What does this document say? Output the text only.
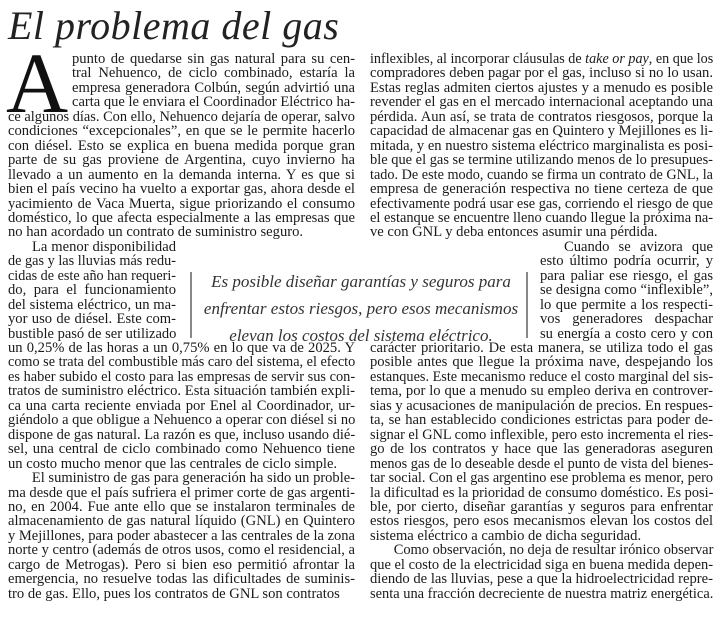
El problema del gas
A punto de quedarse sin gas natural para su cen-
tral Nehuenco, de ciclo combinado, estaría la
empresa generadora Colbún, según advirtió una
carta que le enviara el Coordinador Eléctrico ha-
ce algunos días. Con ello, Nehuenco dejaría de operar, salvo
condiciones “excepcionales”, en que se le permite hacerlo
con diésel. Esto se explica en buena medida porque gran
parte de su gas proviene de Argentina, cuyo invierno ha
llevado a un aumento en la demanda interna. Y es que si
bien el país vecino ha vuelto a exportar gas, ahora desde el
yacimiento de Vaca Muerta, sigue priorizando el consumo
doméstico, lo que afecta especialmente a las empresas que
no han acordado un contrato de suministro seguro.
La menor disponibilidad
de gas y las lluvias más redu-
cidas de este año han requeri-
do, para el funcionamiento
del sistema eléctrico, un ma-
yor uso de diésel. Este com-
bustible pasó de ser utilizado
un 0,25% de las horas a un 0,75% en lo que va de 2025. Y
como se trata del combustible más caro del sistema, el efecto
es haber subido el costo para las empresas de servir sus con-
tratos de suministro eléctrico. Esta situación también expli-
ca una carta reciente enviada por Enel al Coordinador, ur-
giéndolo a que obligue a Nehuenco a operar con diésel si no
dispone de gas natural. La razón es que, incluso usando dié-
sel, una central de ciclo combinado como Nehuenco tiene
un costo mucho menor que las centrales de ciclo simple.
El suministro de gas para generación ha sido un proble-
ma desde que el país sufriera el primer corte de gas argenti-
no, en 2004. Fue ante ello que se instalaron terminales de
almacenamiento de gas natural líquido (GNL) en Quintero
y Mejillones, para poder abastecer a las centrales de la zona
norte y centro (además de otros usos, como el residencial, a
cargo de Metrogas). Pero si bien eso permitió afrontar la
emergencia, no resuelve todas las dificultades de suminis-
tro de gas. Ello, pues los contratos de GNL son contratos
inflexibles, al incorporar cláusulas de take or pay, en que los
compradores deben pagar por el gas, incluso si no lo usan.
Estas reglas admiten ciertos ajustes y a menudo es posible
revender el gas en el mercado internacional aceptando una
pérdida. Aun así, se trata de contratos riesgosos, porque la
capacidad de almacenar gas en Quintero y Mejillones es li-
mitada, y en nuestro sistema eléctrico marginalista es posi-
ble que el gas se termine utilizando menos de lo presupues-
tado. De este modo, cuando se firma un contrato de GNL, la
empresa de generación respectiva no tiene certeza de que
efectivamente podrá usar ese gas, corriendo el riesgo de que
el estanque se encuentre lleno cuando llegue la próxima na-
ve con GNL y deba entonces asumir una pérdida.
Cuando se avizora que
esto último podría ocurrir, y
para paliar ese riesgo, el gas
se designa como “inflexible”,
lo que permite a los respecti-
vos generadores despachar
su energía a costo cero y con
carácter prioritario. De esta manera, se utiliza todo el gas
posible antes que llegue la próxima nave, despejando los
estanques. Este mecanismo reduce el costo marginal del sis-
tema, por lo que a menudo su empleo deriva en controver-
sias y acusaciones de manipulación de precios. En respues-
ta, se han establecido condiciones estrictas para poder de-
signar el GNL como inflexible, pero esto incrementa el ries-
go de los contratos y hace que las generadoras aseguren
menos gas de lo deseable desde el punto de vista del bienes-
tar social. Con el gas argentino ese problema es menor, pero
la dificultad es la prioridad de consumo doméstico. Es posi-
ble, por cierto, diseñar garantías y seguros para enfrentar
estos riesgos, pero esos mecanismos elevan los costos del
sistema eléctrico a cambio de dicha seguridad.
Como observación, no deja de resultar irónico observar
que el costo de la electricidad siga en buena medida depen-
diendo de las lluvias, pese a que la hidroelectricidad repre-
senta una fracción decreciente de nuestra matriz energética.
Es posible diseñar garantías y seguros para
enfrentar estos riesgos, pero esos mecanismos
elevan los costos del sistema eléctrico.
